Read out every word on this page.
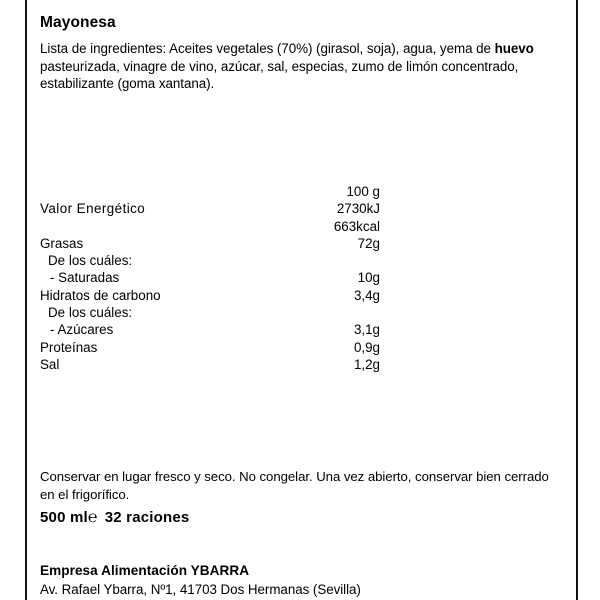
Mayonesa

Lista de ingredientes: Aceites vegetales (70%) (girasol, soja), agua, yema de huevo pasteurizada, vinagre de vino, azúcar, sal, especias, zumo de limón concentrado, estabilizante (goma xantana).

100 g
Valor Energético	2730kJ
663kcal
Grasas	72g
De los cuáles:
- Saturadas	10g
Hidratos de carbono	3,4g
De los cuáles:
- Azúcares	3,1g
Proteínas	0,9g
Sal	1,2g

Conservar en lugar fresco y seco. No congelar. Una vez abierto, conservar bien cerrado en el frigorífico.

500 ml℮ 32 raciones
Empresa Alimentación YBARRA
Av. Rafael Ybarra, Nº1, 41703 Dos Hermanas (Sevilla)
